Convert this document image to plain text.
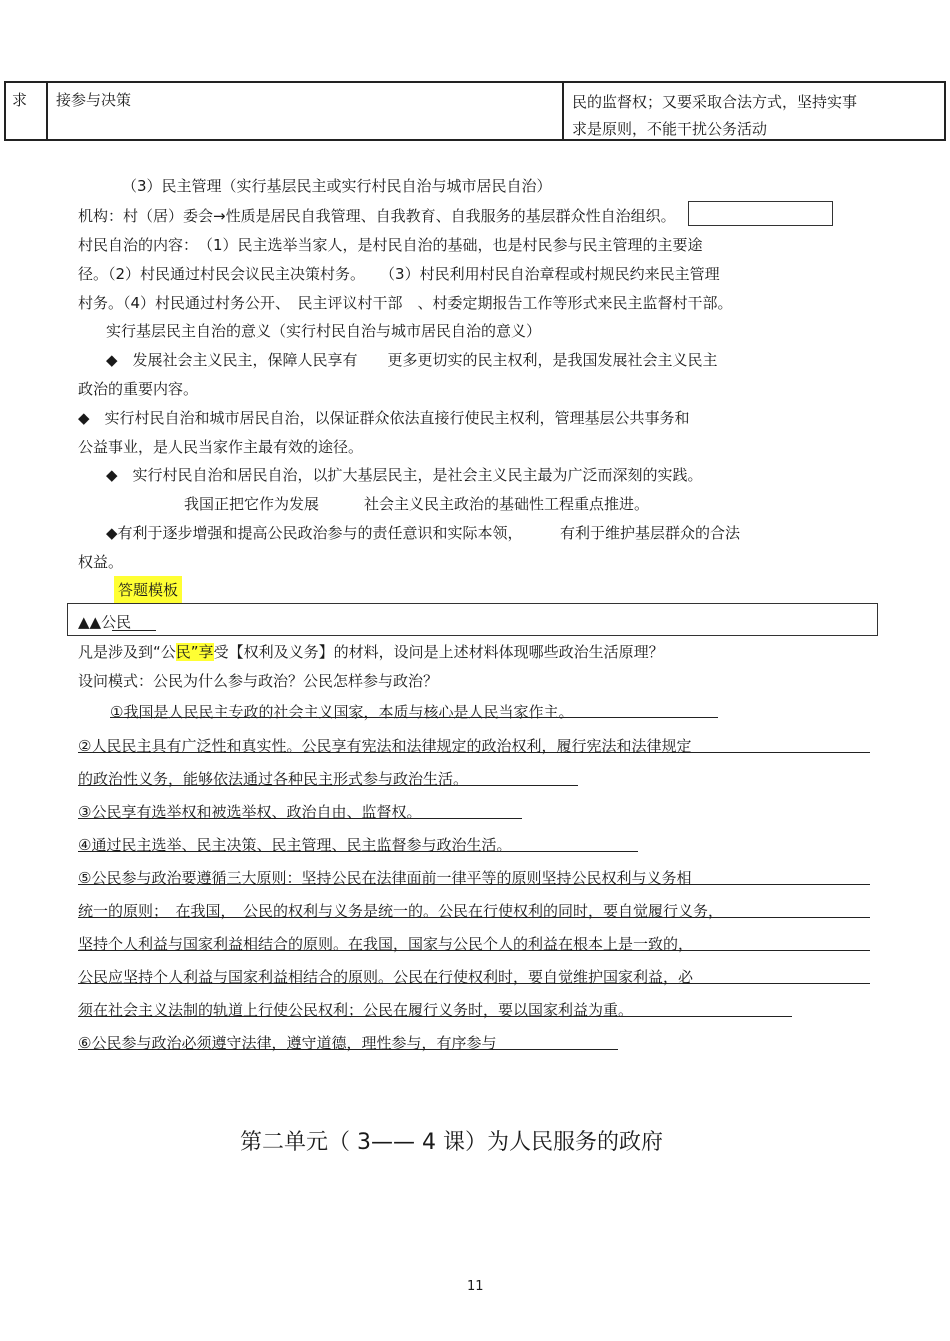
求	接参与决策	民的监督权；又要采取合法方式，坚持实事
求是原则，不能干扰公务活动
（3）民主管理（实行基层民主或实行村民自治与城市居民自治）
机构：村（居）委会→性质是居民自我管理、自我教育、自我服务的基层群众性自治组织。
村民自治的内容：　（1）民主选举当家人，是村民自治的基础，也是村民参与民主管理的主要途
径。（2）村民通过村民会议民主决策村务。　　（3）村民利用村民自治章程或村规民约来民主管理
村务。（4）村民通过村务公开、　民主评议村干部　、村委定期报告工作等形式来民主监督村干部。
实行基层民主自治的意义（实行村民自治与城市居民自治的意义）
◆　发展社会主义民主，保障人民享有　　更多更切实的民主权利，是我国发展社会主义民主
政治的重要内容。
◆　实行村民自治和城市居民自治，以保证群众依法直接行使民主权利，管理基层公共事务和
公益事业，是人民当家作主最有效的途径。
◆　实行村民自治和居民自治，以扩大基层民主，是社会主义民主最为广泛而深刻的实践。
我国正把它作为发展　　　社会主义民主政治的基础性工程重点推进。
◆有利于逐步增强和提高公民政治参与的责任意识和实际本领，　　　有利于维护基层群众的合法
权益。
答题模板
▲▲公民
凡是涉及到“公民”享受【权利及义务】的材料，设问是上述材料体现哪些政治生活原理？
设问模式：公民为什么参与政治？公民怎样参与政治？
①我国是人民民主专政的社会主义国家，本质与核心是人民当家作主。
②人民民主具有广泛性和真实性。公民享有宪法和法律规定的政治权利，履行宪法和法律规定
的政治性义务，能够依法通过各种民主形式参与政治生活。
③公民享有选举权和被选举权、政治自由、监督权。
④通过民主选举、民主决策、民主管理、民主监督参与政治生活。
⑤公民参与政治要遵循三大原则：坚持公民在法律面前一律平等的原则坚持公民权利与义务相
统一的原则；　在我国，　公民的权利与义务是统一的。公民在行使权利的同时，要自觉履行义务，
坚持个人利益与国家利益相结合的原则。在我国，国家与公民个人的利益在根本上是一致的，
公民应坚持个人利益与国家利益相结合的原则。公民在行使权利时，要自觉维护国家利益，必
须在社会主义法制的轨道上行使公民权利；公民在履行义务时，要以国家利益为重。
⑥公民参与政治必须遵守法律，遵守道德，理性参与，有序参与
第二单元（ 3—— 4 课）为人民服务的政府
11
